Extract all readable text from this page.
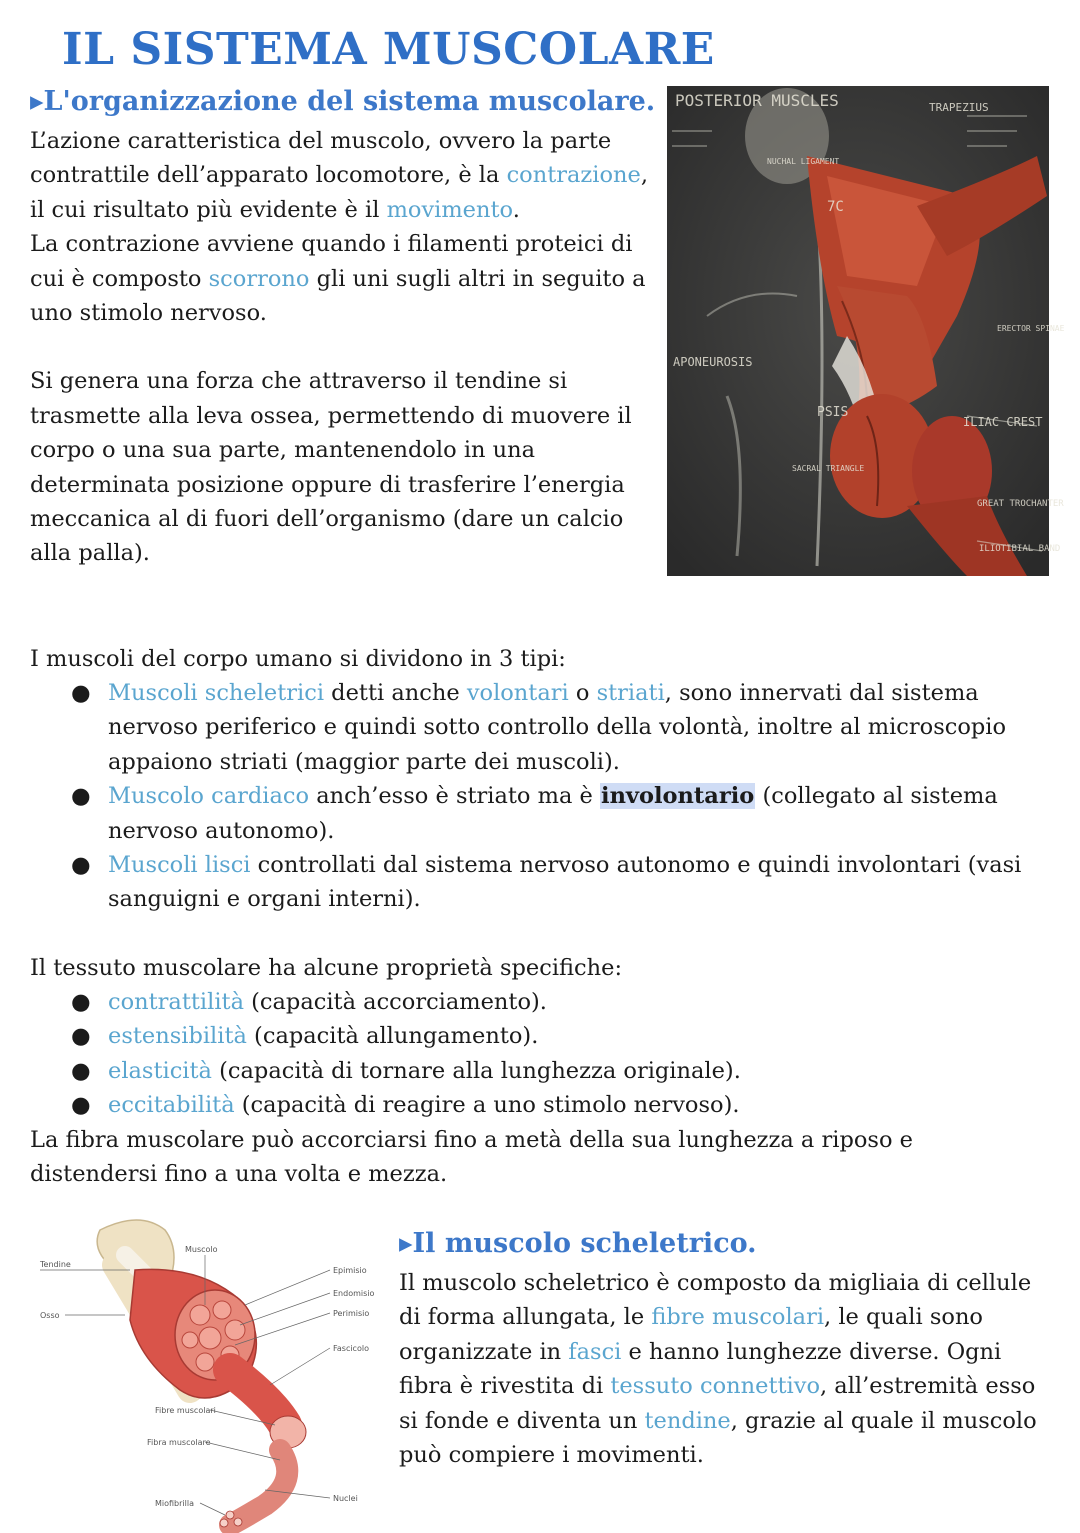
IL SISTEMA MUSCOLARE
▸L'organizzazione del sistema muscolare.

L’azione caratteristica del muscolo, ovvero la parte contrattile dell’apparato locomotore, è la contrazione, il cui risultato più evidente è il movimento.

La contrazione avviene quando i filamenti proteici di cui è composto scorrono gli uni sugli altri in seguito a uno stimolo nervoso.

Si genera una forza che attraverso il tendine si trasmette alla leva ossea, permettendo di muovere il corpo o una sua parte, mantenendolo in una determinata posizione oppure di trasferire l’energia meccanica al di fuori dell’organismo (dare un calcio alla palla).

POSTERIOR MUSCLES	TRAPEZIUS
NUCHAL LIGAMENT
APONEUROSIS
PSIS
ILIAC CREST
ERECTOR SPINAE
SACRAL TRIANGLE
GREAT TROCHANTER
ILIOTIBIAL BAND
7C

I muscoli del corpo umano si dividono in 3 tipi:

● Muscoli scheletrici detti anche volontari o striati, sono innervati dal sistema nervoso periferico e quindi sotto controllo della volontà, inoltre al microscopio appaiono striati (maggior parte dei muscoli).
● Muscolo cardiaco anch’esso è striato ma è involontario (collegato al sistema nervoso autonomo).
● Muscoli lisci controllati dal sistema nervoso autonomo e quindi involontari (vasi sanguigni e organi interni).

Il tessuto muscolare ha alcune proprietà specifiche:

● contrattilità (capacità accorciamento).
● estensibilità (capacità allungamento).
● elasticità (capacità di tornare alla lunghezza originale).
● eccitabilità (capacità di reagire a uno stimolo nervoso).

La fibra muscolare può accorciarsi fino a metà della sua lunghezza a riposo e distendersi fino a una volta e mezza.

Muscolo
Tendine
Osso
Epimisio
Endomisio
Perimisio
Fascicolo
Fibre muscolari
Fibra muscolare
Miofibrilla
Nuclei
▸Il muscolo scheletrico.

Il muscolo scheletrico è composto da migliaia di cellule di forma allungata, le fibre muscolari, le quali sono organizzate in fasci e hanno lunghezze diverse. Ogni fibra è rivestita di tessuto connettivo, all’estremità esso si fonde e diventa un tendine, grazie al quale il muscolo può compiere i movimenti.
